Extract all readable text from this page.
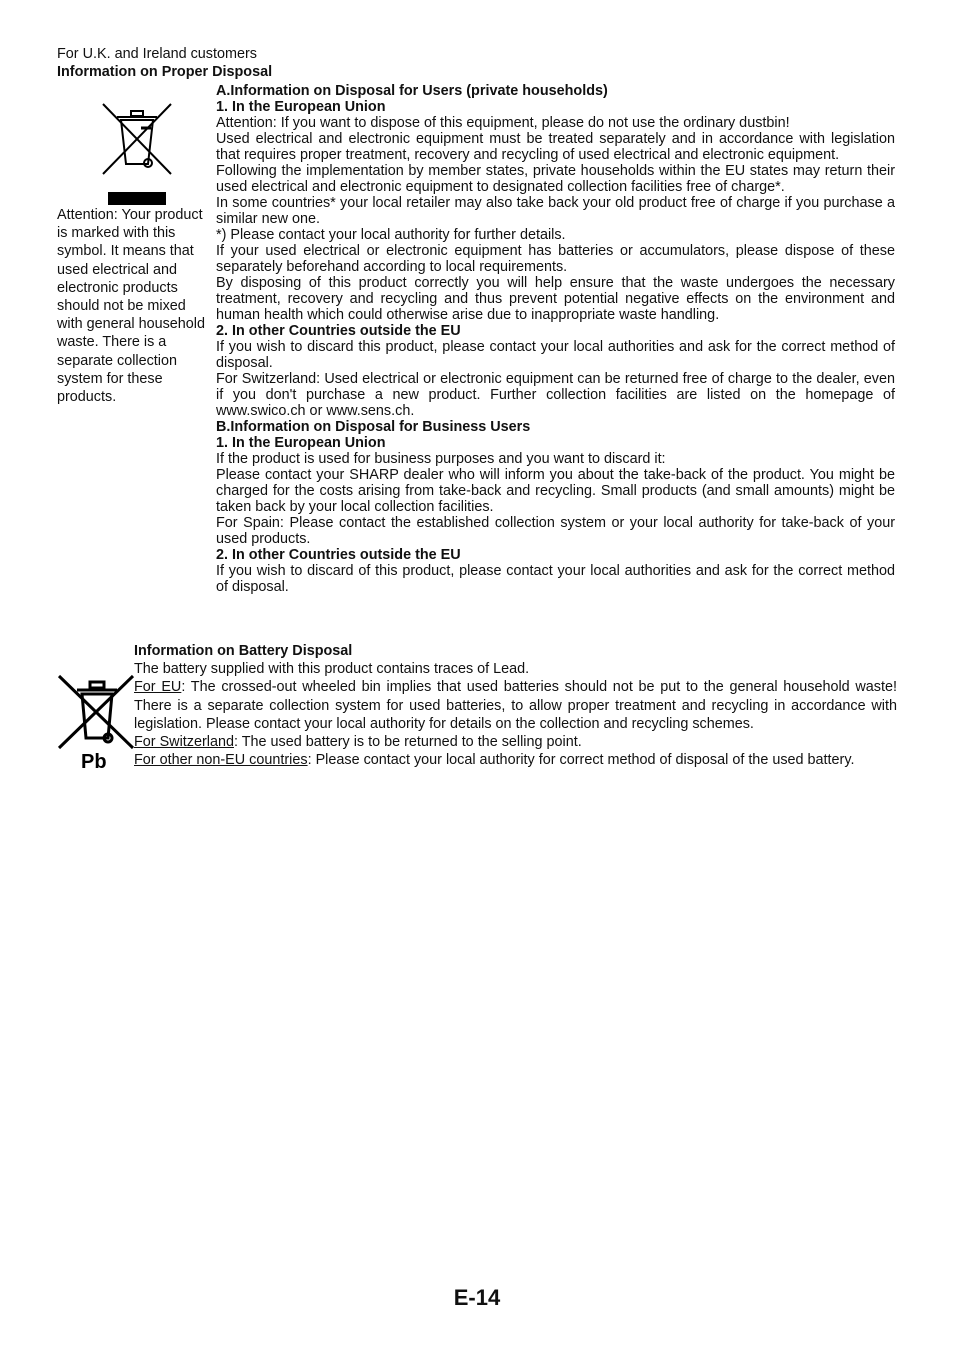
For U.K. and Ireland customers
Information on Proper Disposal
Attention: Your product is marked with this symbol. It means that used electrical and electronic products should not be mixed with general household waste. There is a separate collection system for these products.

A.Information on Disposal for Users (private households)

1. In the European Union

Attention: If you want to dispose of this equipment, please do not use the ordinary dustbin!

Used electrical and electronic equipment must be treated separately and in accordance with legislation that requires proper treatment, recovery and recycling of used electrical and electronic equipment.

Following the implementation by member states, private households within the EU states may return their used electrical and electronic equipment to designated collection facilities free of charge*.

In some countries* your local retailer may also take back your old product free of charge if you purchase a similar new one.

*) Please contact your local authority for further details.

If your used electrical or electronic equipment has batteries or accumulators, please dispose of these separately beforehand according to local requirements.

By disposing of this product correctly you will help ensure that the waste undergoes the necessary treatment, recovery and recycling and thus prevent potential negative effects on the environment and human health which could otherwise arise due to inappropriate waste handling.

2. In other Countries outside the EU

If you wish to discard this product, please contact your local authorities and ask for the correct method of disposal.

For Switzerland: Used electrical or electronic equipment can be returned free of charge to the dealer, even if you don't purchase a new product. Further collection facilities are listed on the homepage of www.swico.ch or www.sens.ch.

B.Information on Disposal for Business Users

1. In the European Union

If the product is used for business purposes and you want to discard it:

Please contact your SHARP dealer who will inform you about the take-back of the product. You might be charged for the costs arising from take-back and recycling. Small products (and small amounts) might be taken back by your local collection facilities.

For Spain: Please contact the established collection system or your local authority for take-back of your used products.

2. In other Countries outside the EU

If you wish to discard of this product, please contact your local authorities and ask for the correct method of disposal.

Pb

Information on Battery Disposal

The battery supplied with this product contains traces of Lead.

For EU: The crossed-out wheeled bin implies that used batteries should not be put to the general household waste! There is a separate collection system for used batteries, to allow proper treatment and recycling in accordance with legislation. Please contact your local authority for details on the collection and recycling schemes.

For Switzerland: The used battery is to be returned to the selling point.

For other non-EU countries: Please contact your local authority for correct method of disposal of the used battery.

E-14
